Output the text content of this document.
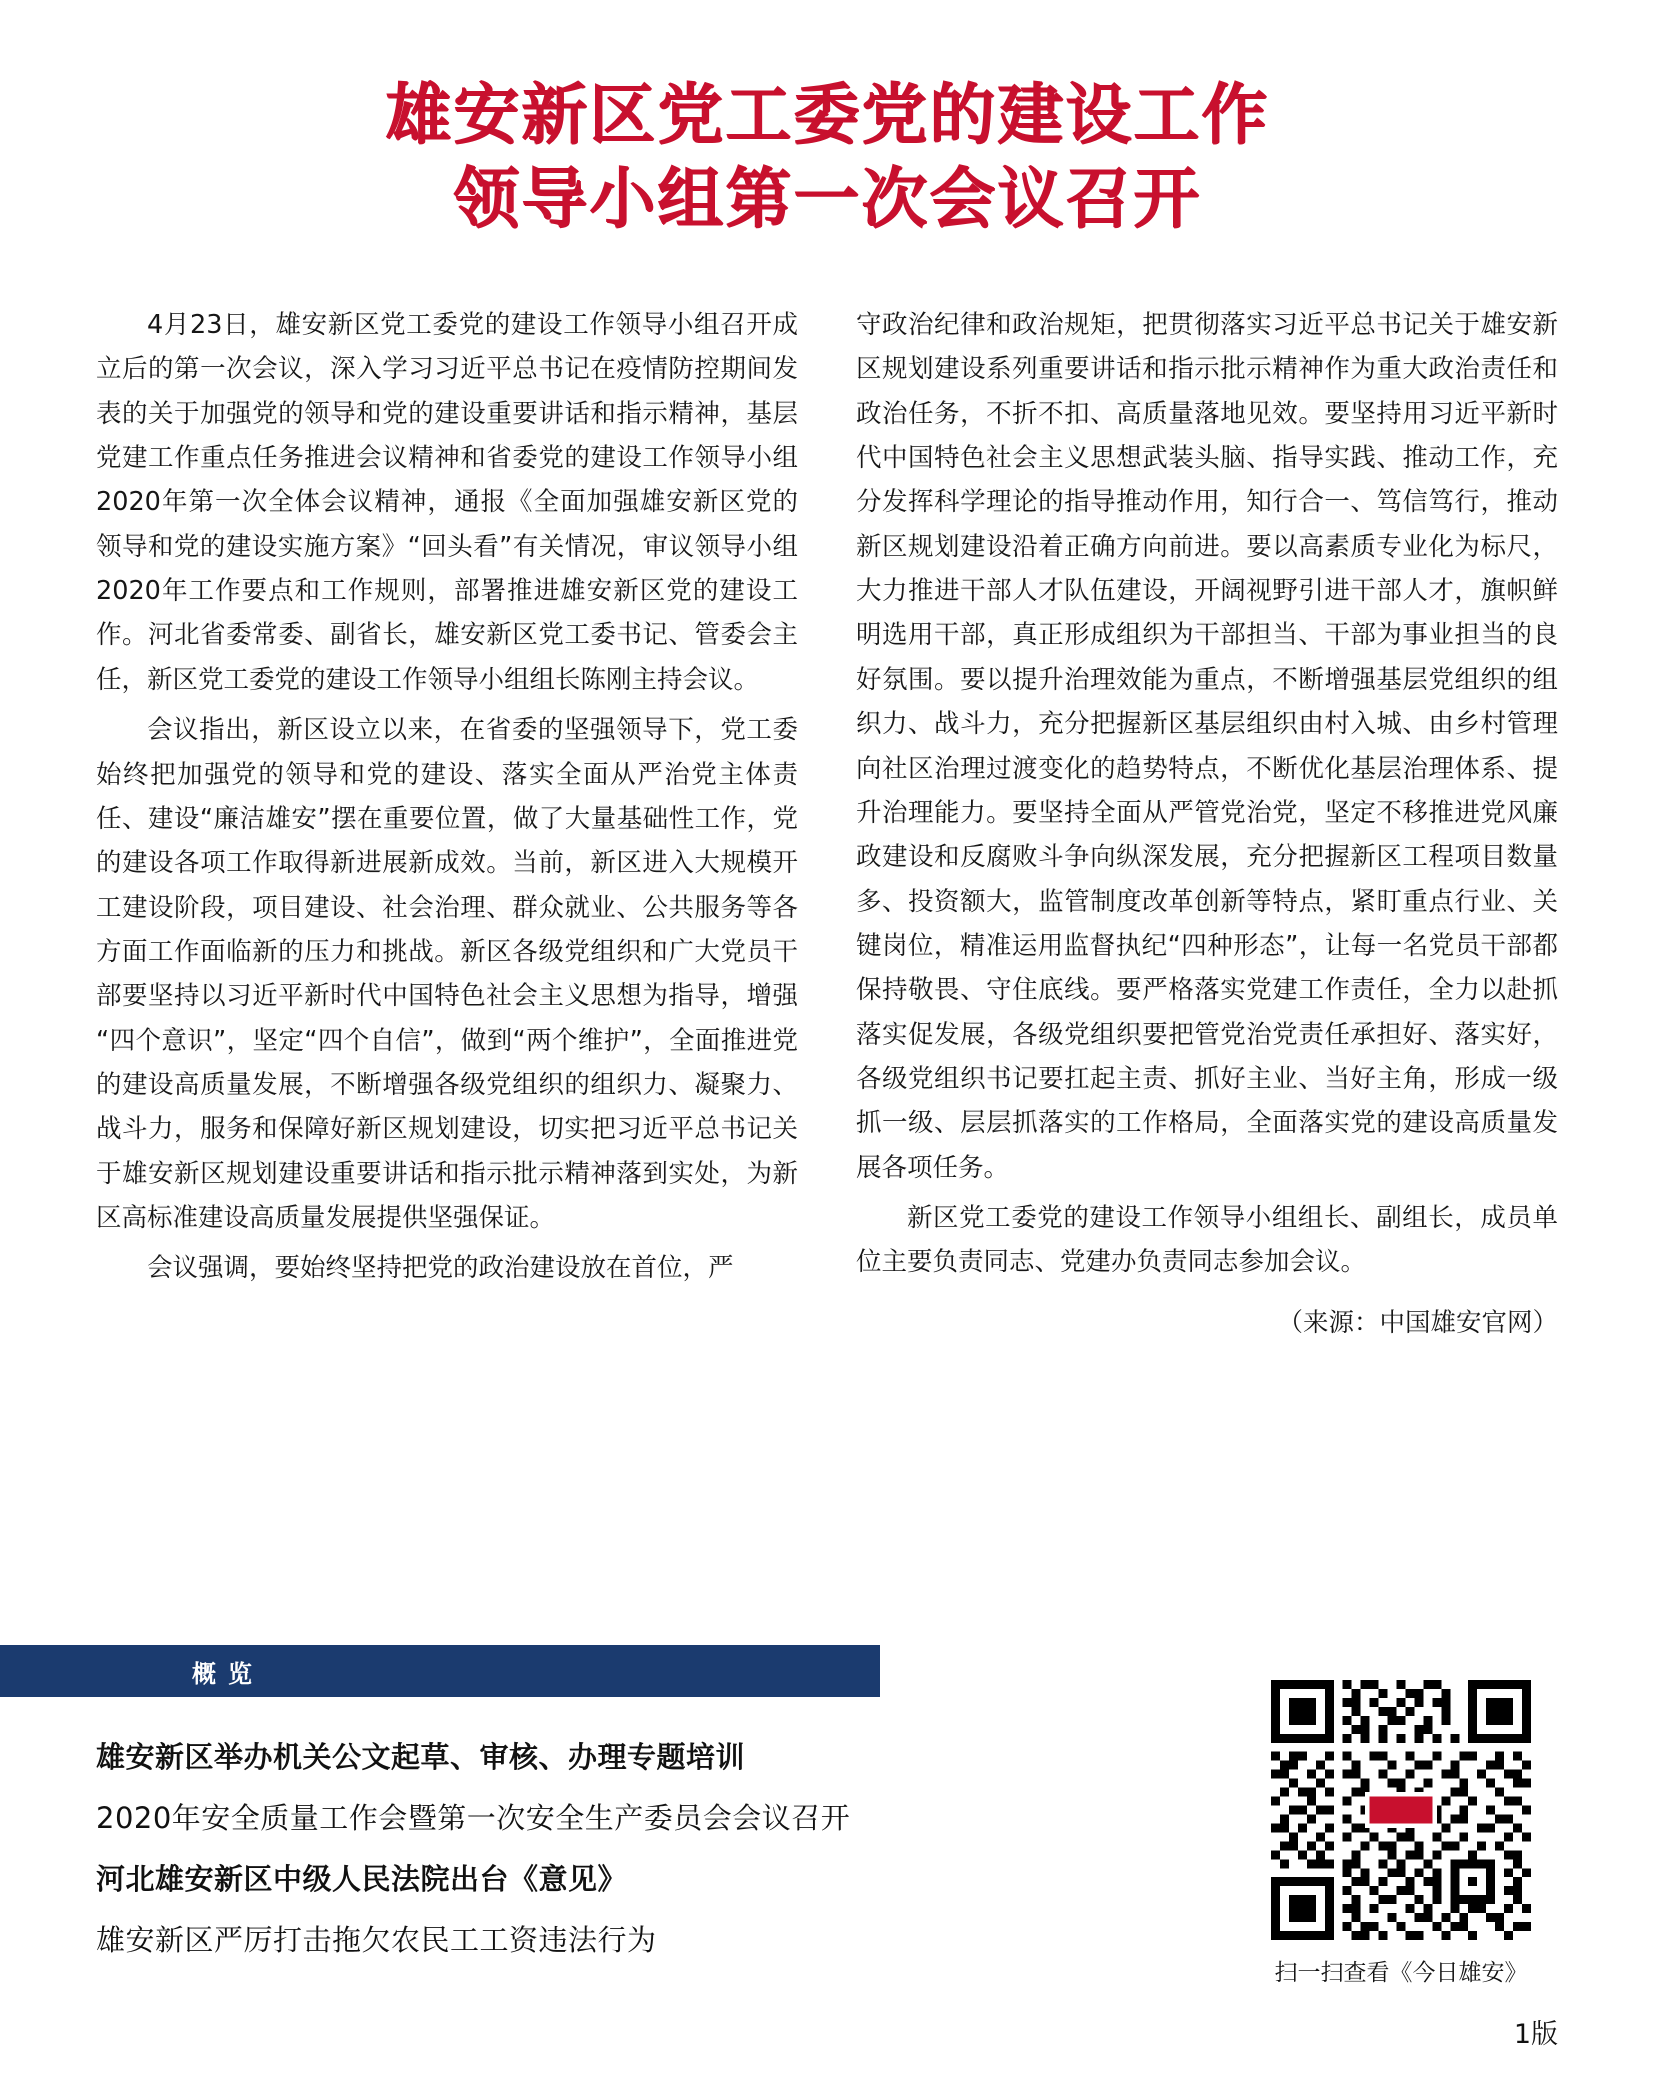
雄安新区党工委党的建设工作
领导小组第一次会议召开

4月23日，雄安新区党工委党的建设工作领导小组召开成立后的第一次会议，深入学习习近平总书记在疫情防控期间发表的关于加强党的领导和党的建设重要讲话和指示精神，基层党建工作重点任务推进会议精神和省委党的建设工作领导小组2020年第一次全体会议精神，通报《全面加强雄安新区党的领导和党的建设实施方案》“回头看”有关情况，审议领导小组2020年工作要点和工作规则，部署推进雄安新区党的建设工作。河北省委常委、副省长，雄安新区党工委书记、管委会主任，新区党工委党的建设工作领导小组组长陈刚主持会议。

会议指出，新区设立以来，在省委的坚强领导下，党工委始终把加强党的领导和党的建设、落实全面从严治党主体责任、建设“廉洁雄安”摆在重要位置，做了大量基础性工作，党的建设各项工作取得新进展新成效。当前，新区进入大规模开工建设阶段，项目建设、社会治理、群众就业、公共服务等各方面工作面临新的压力和挑战。新区各级党组织和广大党员干部要坚持以习近平新时代中国特色社会主义思想为指导，增强“四个意识”，坚定“四个自信”，做到“两个维护”，全面推进党的建设高质量发展，不断增强各级党组织的组织力、凝聚力、战斗力，服务和保障好新区规划建设，切实把习近平总书记关于雄安新区规划建设重要讲话和指示批示精神落到实处，为新区高标准建设高质量发展提供坚强保证。

会议强调，要始终坚持把党的政治建设放在首位，严

守政治纪律和政治规矩，把贯彻落实习近平总书记关于雄安新区规划建设系列重要讲话和指示批示精神作为重大政治责任和政治任务，不折不扣、高质量落地见效。要坚持用习近平新时代中国特色社会主义思想武装头脑、指导实践、推动工作，充分发挥科学理论的指导推动作用，知行合一、笃信笃行，推动新区规划建设沿着正确方向前进。要以高素质专业化为标尺，大力推进干部人才队伍建设，开阔视野引进干部人才，旗帜鲜明选用干部，真正形成组织为干部担当、干部为事业担当的良好氛围。要以提升治理效能为重点，不断增强基层党组织的组织力、战斗力，充分把握新区基层组织由村入城、由乡村管理向社区治理过渡变化的趋势特点，不断优化基层治理体系、提升治理能力。要坚持全面从严管党治党，坚定不移推进党风廉政建设和反腐败斗争向纵深发展，充分把握新区工程项目数量多、投资额大，监管制度改革创新等特点，紧盯重点行业、关键岗位，精准运用监督执纪“四种形态”，让每一名党员干部都保持敬畏、守住底线。要严格落实党建工作责任，全力以赴抓落实促发展，各级党组织要把管党治党责任承担好、落实好，各级党组织书记要扛起主责、抓好主业、当好主角，形成一级抓一级、层层抓落实的工作格局，全面落实党的建设高质量发展各项任务。

新区党工委党的建设工作领导小组组长、副组长，成员单位主要负责同志、党建办负责同志参加会议。

（来源：中国雄安官网）
概览
雄安新区举办机关公文起草、审核、办理专题培训
2020年安全质量工作会暨第一次安全生产委员会会议召开
河北雄安新区中级人民法院出台《意见》
雄安新区严厉打击拖欠农民工工资违法行为
扫一扫查看《今日雄安》
1版
